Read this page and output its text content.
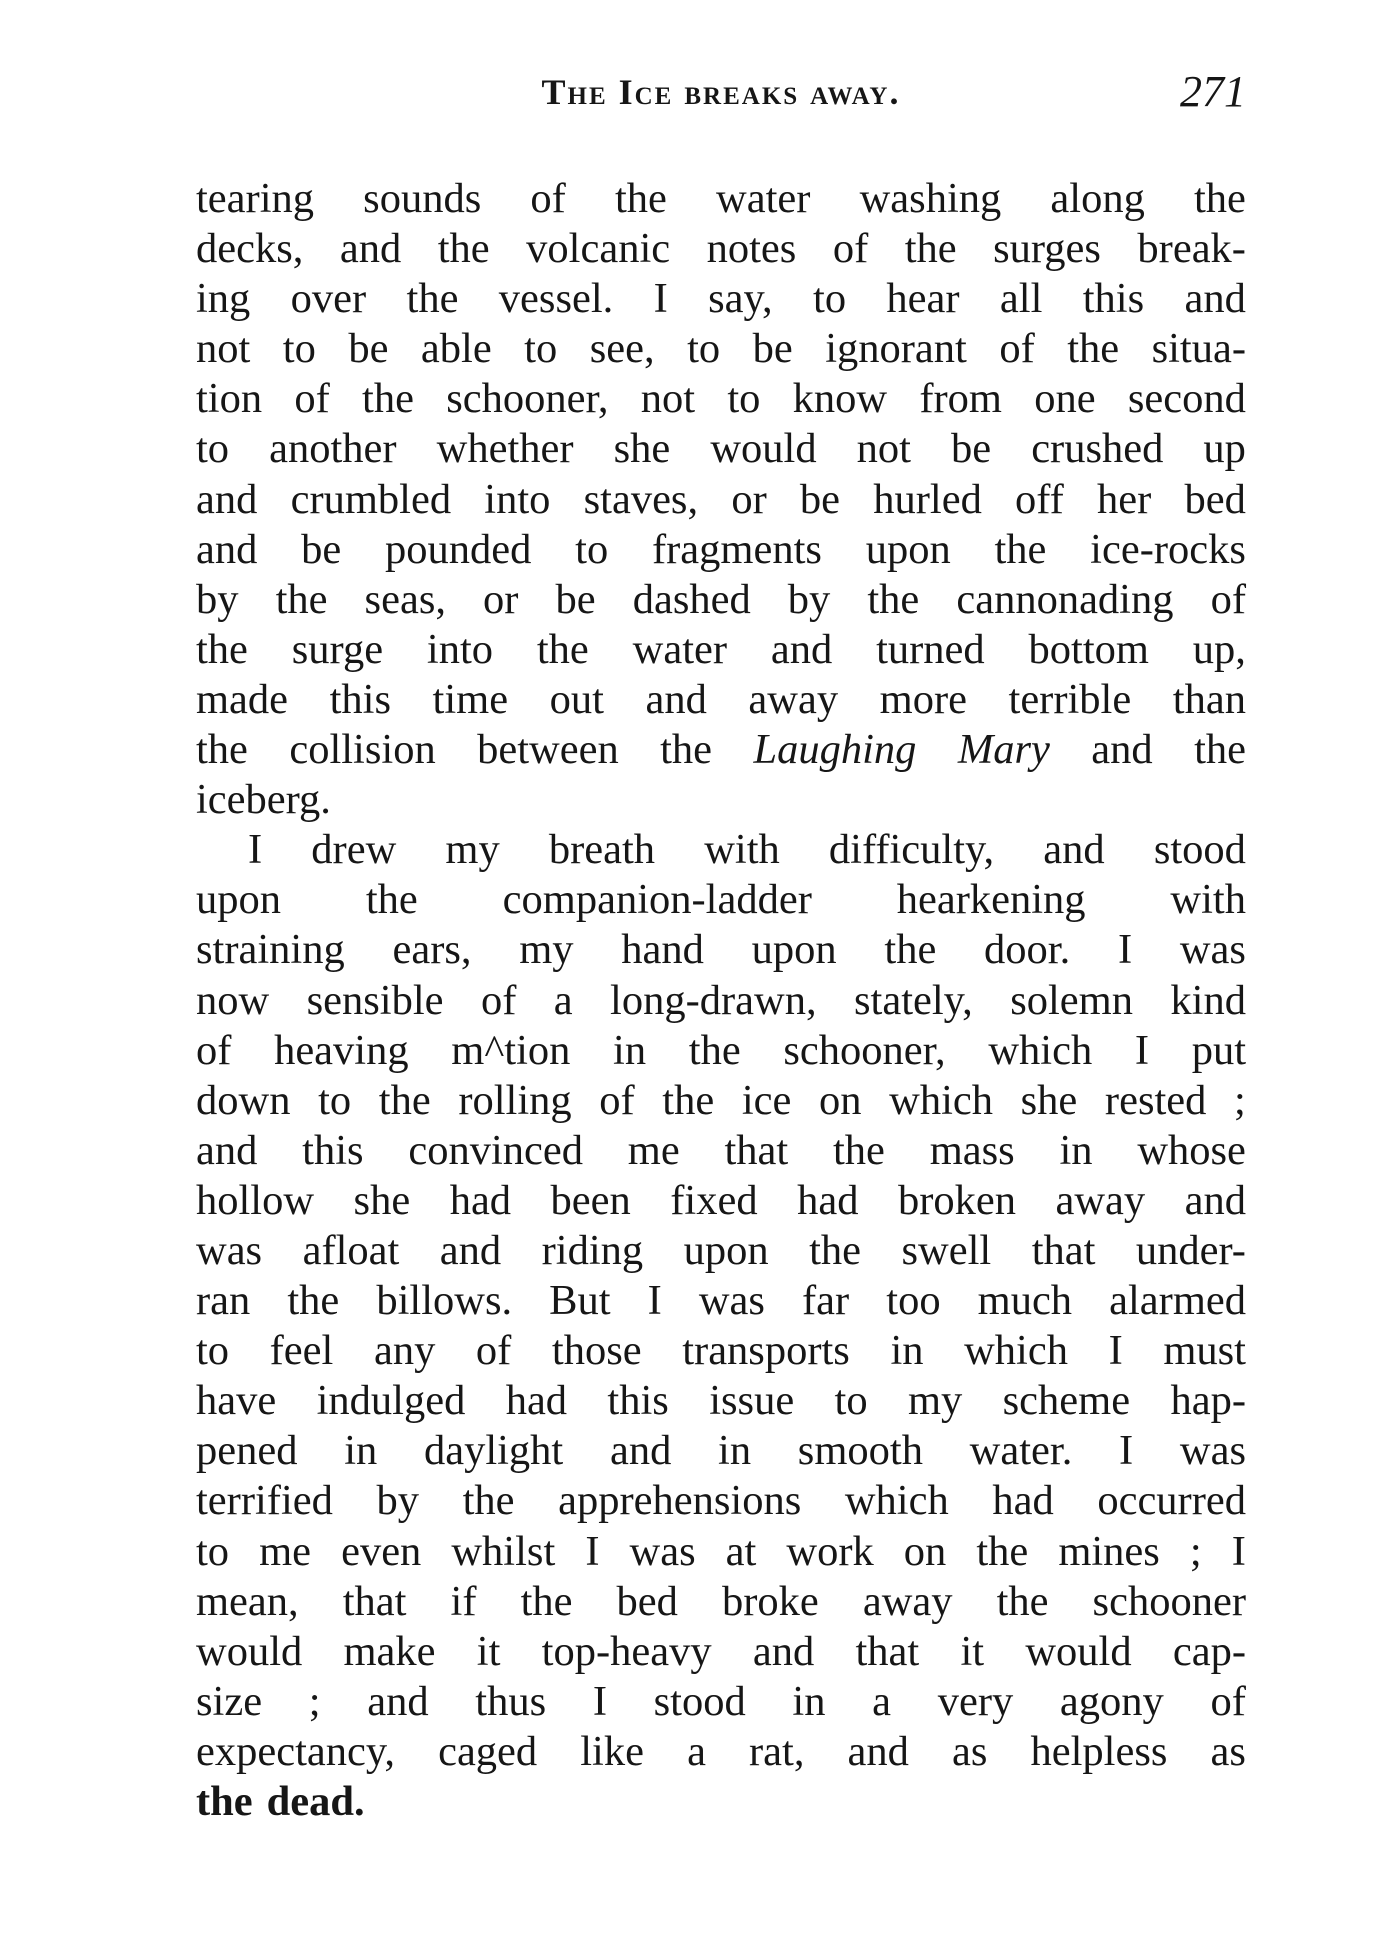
The Ice breaks away.	271
tearing sounds of the water washing along the
decks, and the volcanic notes of the surges break-
ing over the vessel. I say, to hear all this and
not to be able to see, to be ignorant of the situa-
tion of the schooner, not to know from one second
to another whether she would not be crushed up
and crumbled into staves, or be hurled off her bed
and be pounded to fragments upon the ice-rocks
by the seas, or be dashed by the cannonading of
the surge into the water and turned bottom up,
made this time out and away more terrible than
the collision between the Laughing Mary and the
iceberg.
I drew my breath with difficulty, and stood
upon the companion-ladder hearkening with
straining ears, my hand upon the door. I was
now sensible of a long-drawn, stately, solemn kind
of heaving m^tion in the schooner, which I put
down to the rolling of the ice on which she rested ;
and this convinced me that the mass in whose
hollow she had been fixed had broken away and
was afloat and riding upon the swell that under-
ran the billows. But I was far too much alarmed
to feel any of those transports in which I must
have indulged had this issue to my scheme hap-
pened in daylight and in smooth water. I was
terrified by the apprehensions which had occurred
to me even whilst I was at work on the mines ; I
mean, that if the bed broke away the schooner
would make it top-heavy and that it would cap-
size ; and thus I stood in a very agony of
expectancy, caged like a rat, and as helpless as
the dead.
